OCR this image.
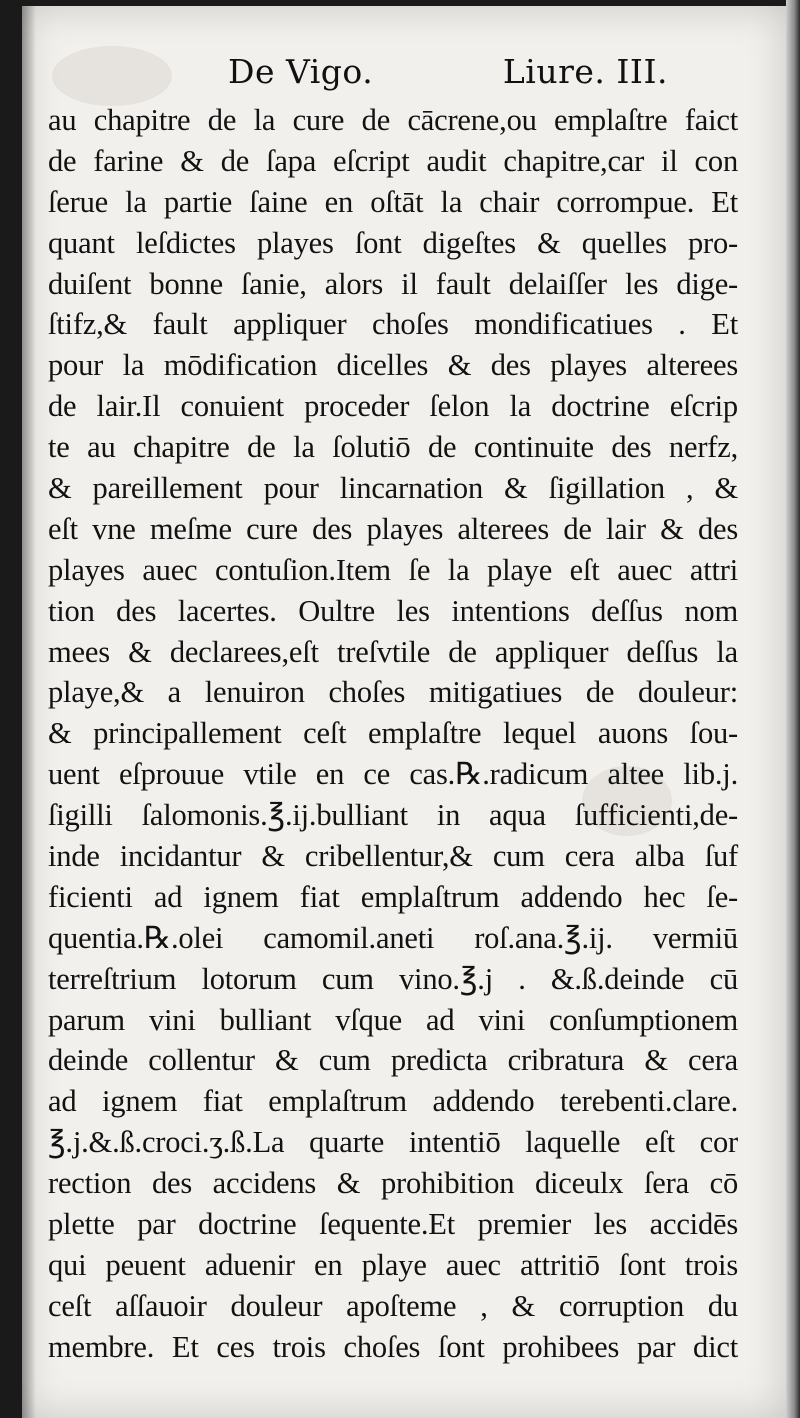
De Vigo.	Liure. III.
au chapitre de la cure de cācrene,ou emplaſtre faict
de farine & de ſapa eſcript audit chapitre,car il con
ſerue la partie ſaine en oſtāt la chair corrompue. Et
quant leſdictes playes ſont digeſtes & quelles pro-
duiſent bonne ſanie, alors il fault delaiſſer les dige-
ſtifz,& fault appliquer choſes mondificatiues . Et
pour la mōdification dicelles & des playes alterees
de lair.Il conuient proceder ſelon la doctrine eſcrip
te au chapitre de la ſolutiō de continuite des nerfz,
& pareillement pour lincarnation & ſigillation , &
eſt vne meſme cure des playes alterees de lair & des
playes auec contuſion.Item ſe la playe eſt auec attri
tion des lacertes. Oultre les intentions deſſus nom
mees & declarees,eſt treſvtile de appliquer deſſus la
playe,& a lenuiron choſes mitigatiues de douleur:
& principallement ceſt emplaſtre lequel auons ſou-
uent eſprouue vtile en ce cas.℞.radicum altee lib.j.
ſigilli ſalomonis.℥.ij.bulliant in aqua ſufficienti,de-
inde incidantur & cribellentur,& cum cera alba ſuf
ficienti ad ignem fiat emplaſtrum addendo hec ſe-
quentia.℞.olei camomil.aneti roſ.ana.℥.ij. vermiū
terreſtrium lotorum cum vino.℥.j . &.ß.deinde cū
parum vini bulliant vſque ad vini conſumptionem
deinde collentur & cum predicta cribratura & cera
ad ignem fiat emplaſtrum addendo terebenti.clare.
℥.j.&.ß.croci.ʒ.ß.La quarte intentiō laquelle eſt cor
rection des accidens & prohibition diceulx ſera cō
plette par doctrine ſequente.Et premier les accidēs
qui peuent aduenir en playe auec attritiō ſont trois
ceſt aſſauoir douleur apoſteme , & corruption du
membre. Et ces trois choſes ſont prohibees par dict
